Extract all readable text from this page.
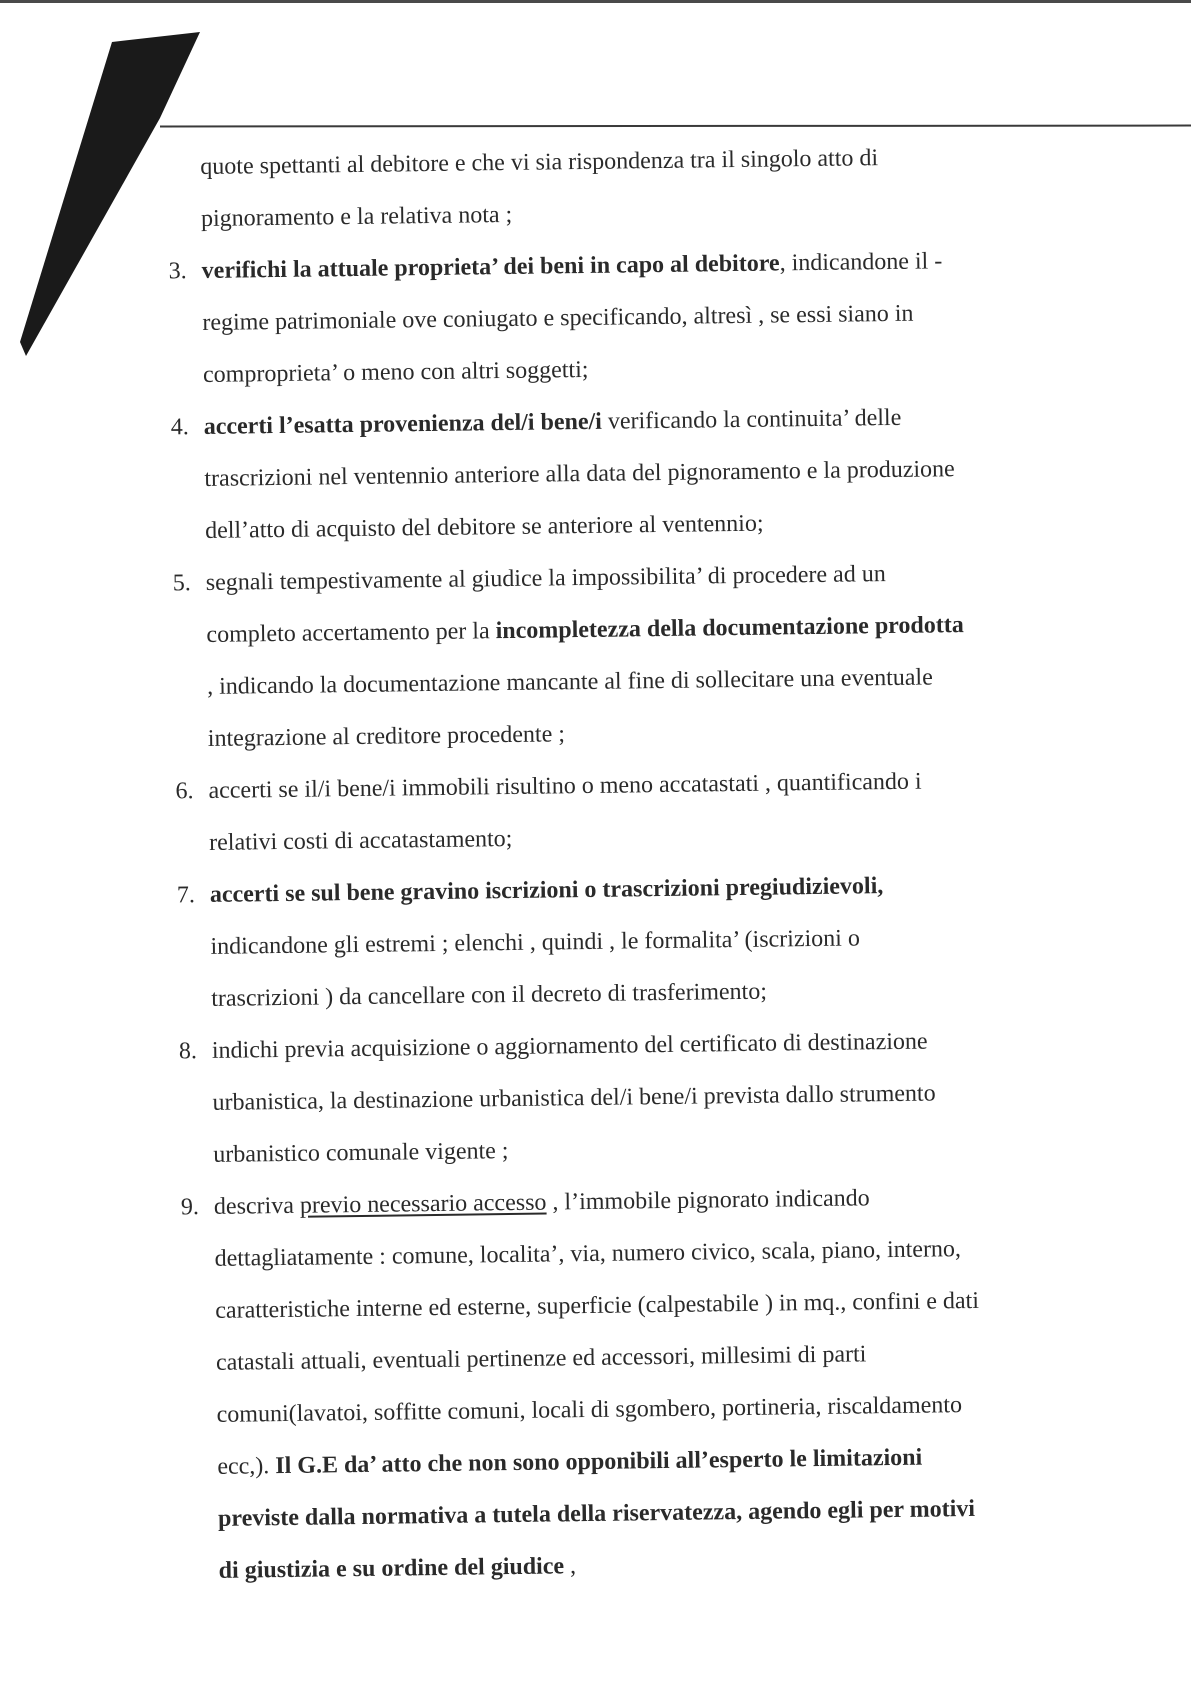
quote spettanti al debitore e che vi sia rispondenza tra il singolo atto di
pignoramento e la relativa nota ;
3. verifichi la attuale proprieta’ dei beni in capo al debitore, indicandone il -
regime patrimoniale ove coniugato e specificando, altresì , se essi siano in
comproprieta’ o meno con altri soggetti;
4. accerti l’esatta provenienza del/i bene/i verificando la continuita’ delle
trascrizioni nel ventennio anteriore alla data del pignoramento e la produzione
dell’atto di acquisto del debitore se anteriore al ventennio;
5. segnali tempestivamente al giudice la impossibilita’ di procedere ad un
completo accertamento per la incompletezza della documentazione prodotta
, indicando la documentazione mancante al fine di sollecitare una eventuale
integrazione al creditore procedente ;
6. accerti se il/i bene/i immobili risultino o meno accatastati , quantificando i
relativi costi di accatastamento;
7. accerti se sul bene gravino iscrizioni o trascrizioni pregiudizievoli,
indicandone gli estremi ; elenchi , quindi , le formalita’ (iscrizioni o
trascrizioni ) da cancellare con il decreto di trasferimento;
8. indichi previa acquisizione o aggiornamento del certificato di destinazione
urbanistica, la destinazione urbanistica del/i bene/i prevista dallo strumento
urbanistico comunale vigente ;
9. descriva previo necessario accesso , l’immobile pignorato indicando
dettagliatamente : comune, localita’, via, numero civico, scala, piano, interno,
caratteristiche interne ed esterne, superficie (calpestabile ) in mq., confini e dati
catastali attuali, eventuali pertinenze ed accessori, millesimi di parti
comuni(lavatoi, soffitte comuni, locali di sgombero, portineria, riscaldamento
ecc,). Il G.E da’ atto che non sono opponibili all’esperto le limitazioni
previste dalla normativa a tutela della riservatezza, agendo egli per motivi
di giustizia e su ordine del giudice ,
